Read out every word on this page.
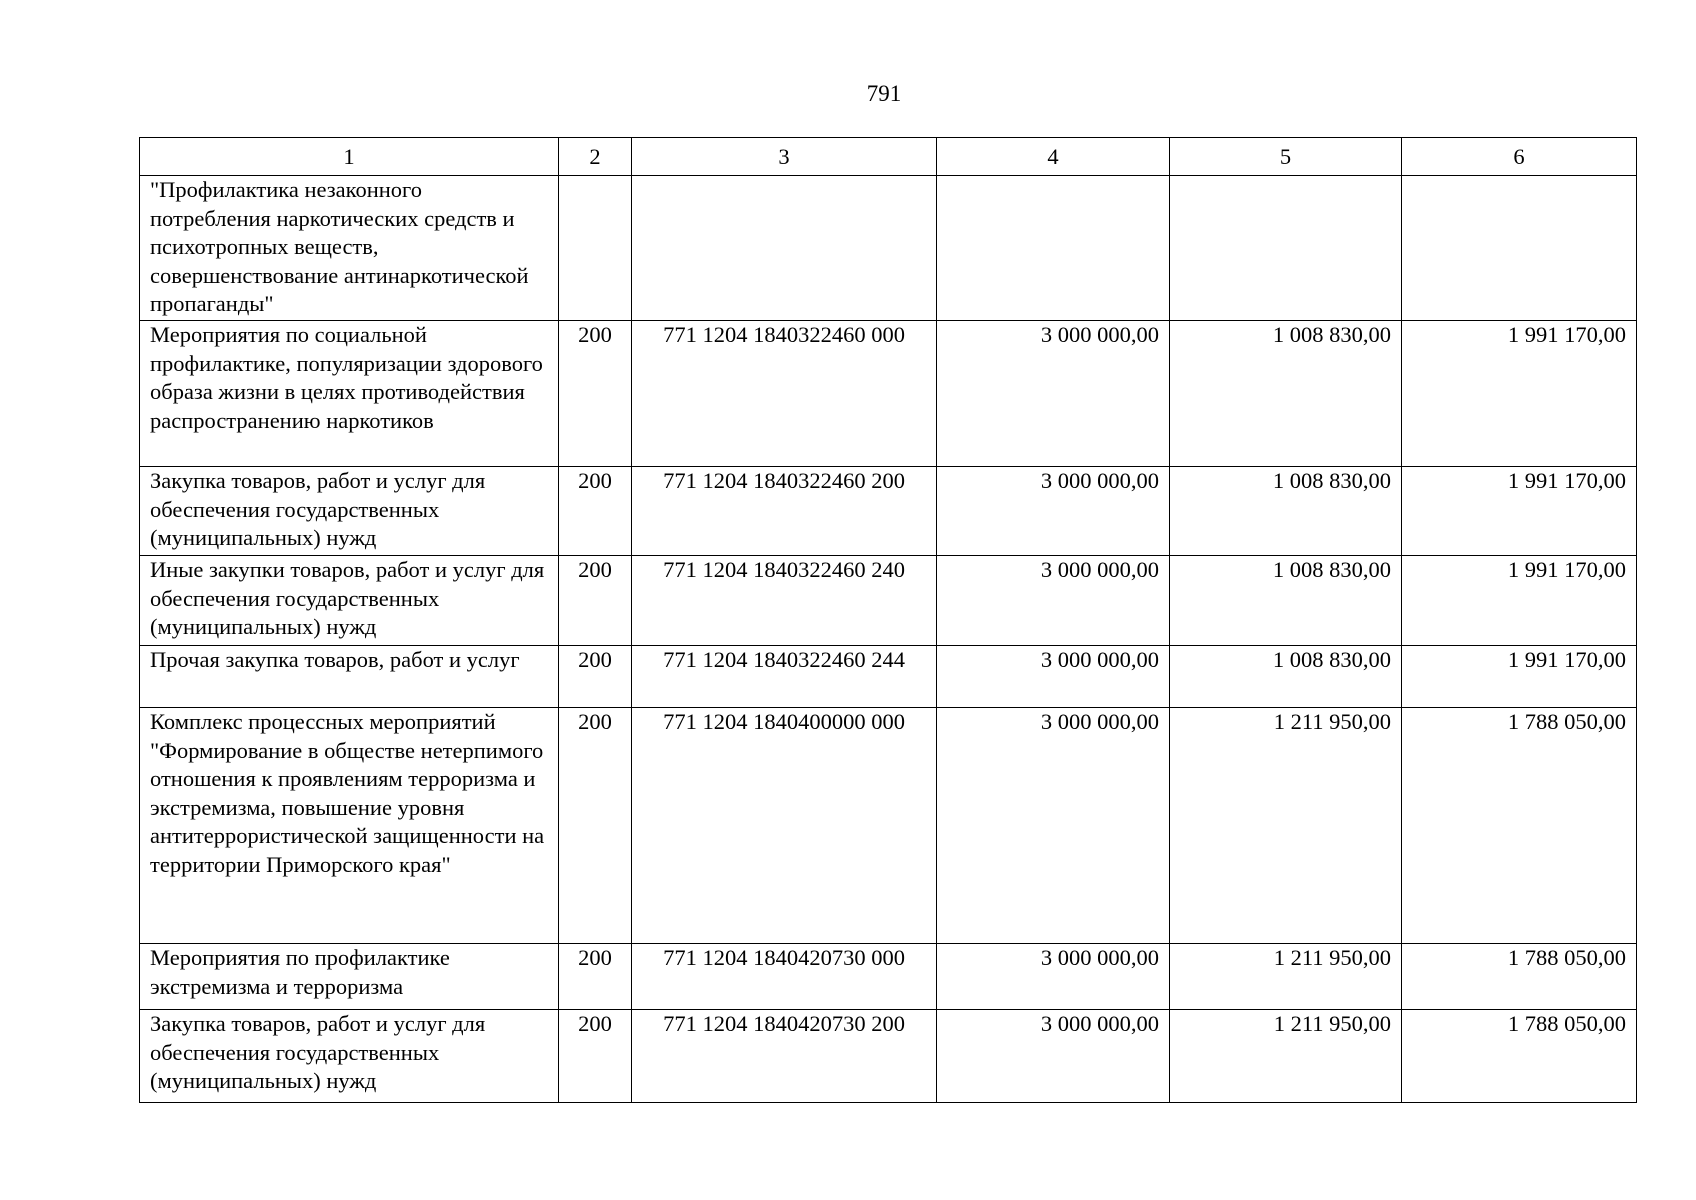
791
1	2	3	4	5	6
"Профилактика незаконного потребления наркотических средств и психотропных веществ, совершенствование антинаркотической пропаганды"					
Мероприятия по социальной профилактике, популяризации здорового образа жизни в целях противодействия распространению наркотиков	200	771 1204 1840322460 000	3 000 000,00	1 008 830,00	1 991 170,00
Закупка товаров, работ и услуг для обеспечения государственных (муниципальных) нужд	200	771 1204 1840322460 200	3 000 000,00	1 008 830,00	1 991 170,00
Иные закупки товаров, работ и услуг для обеспечения государственных (муниципальных) нужд	200	771 1204 1840322460 240	3 000 000,00	1 008 830,00	1 991 170,00
Прочая закупка товаров, работ и услуг	200	771 1204 1840322460 244	3 000 000,00	1 008 830,00	1 991 170,00
Комплекс процессных мероприятий "Формирование в обществе нетерпимого отношения к проявлениям терроризма и экстремизма, повышение уровня антитеррористической защищенности на территории Приморского края"	200	771 1204 1840400000 000	3 000 000,00	1 211 950,00	1 788 050,00
Мероприятия по профилактике экстремизма и терроризма	200	771 1204 1840420730 000	3 000 000,00	1 211 950,00	1 788 050,00
Закупка товаров, работ и услуг для обеспечения государственных (муниципальных) нужд	200	771 1204 1840420730 200	3 000 000,00	1 211 950,00	1 788 050,00
